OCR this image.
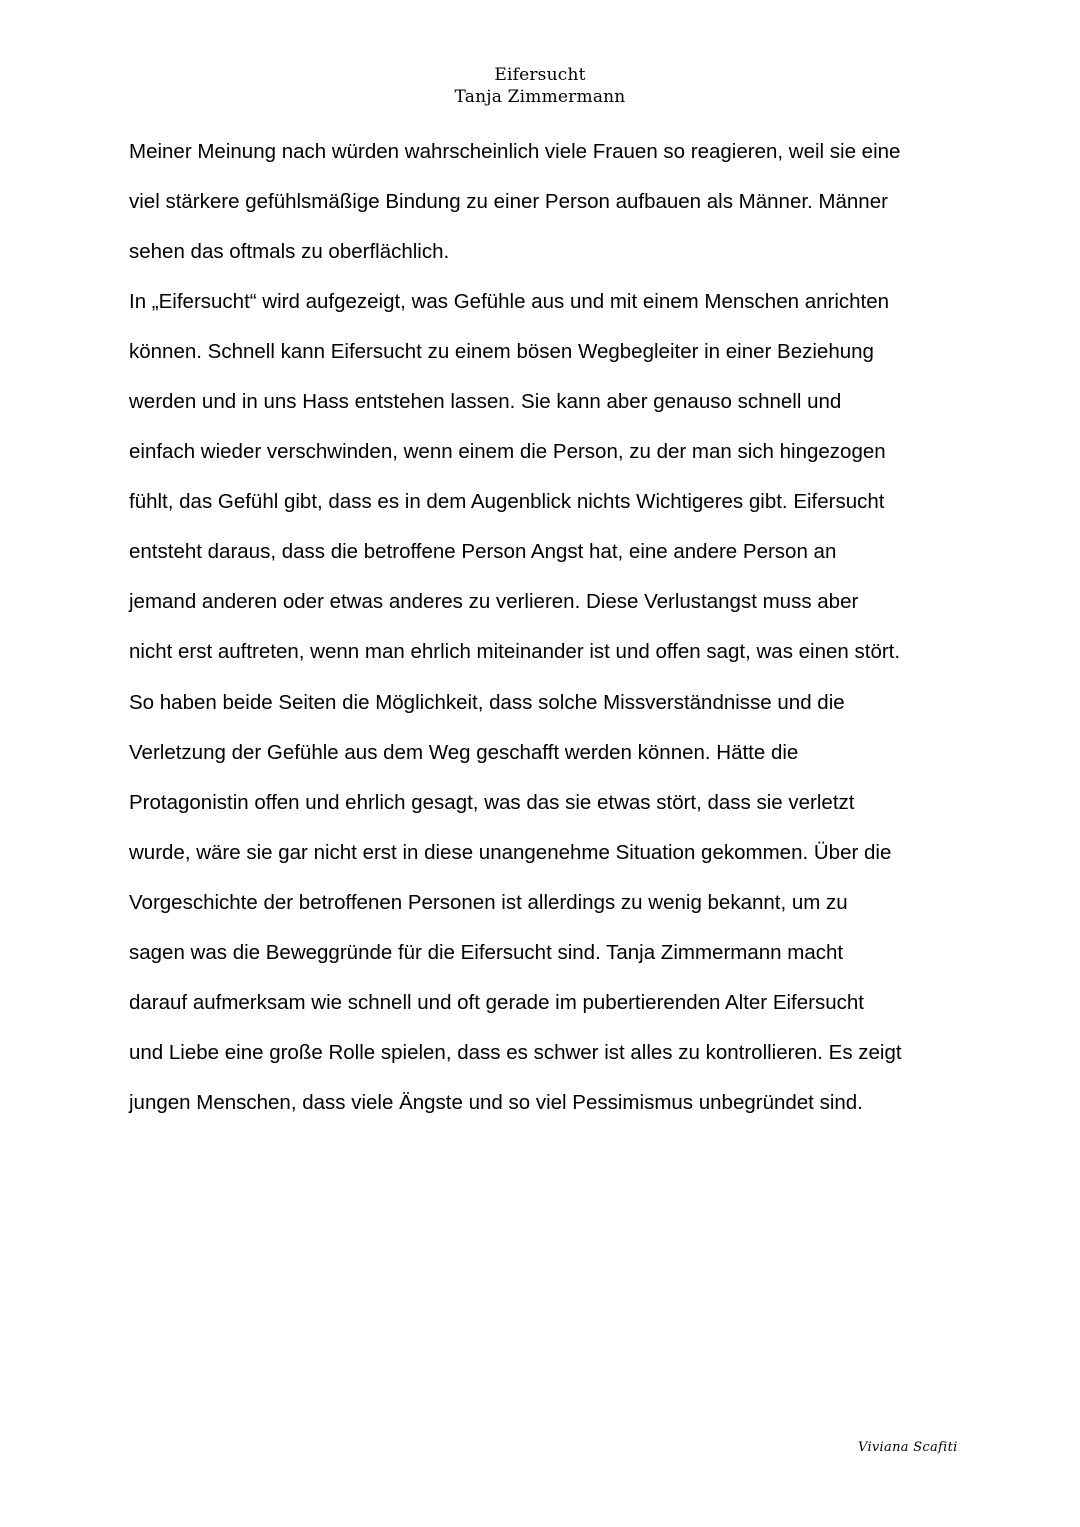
Eifersucht
Tanja Zimmermann
Meiner Meinung nach würden wahrscheinlich viele Frauen so reagieren, weil sie eine
viel stärkere gefühlsmäßige Bindung zu einer Person aufbauen als Männer. Männer
sehen das oftmals zu oberflächlich.
In „Eifersucht“ wird aufgezeigt, was Gefühle aus und mit einem Menschen anrichten
können. Schnell kann Eifersucht zu einem bösen Wegbegleiter in einer Beziehung
werden und in uns Hass entstehen lassen. Sie kann aber genauso schnell und
einfach wieder verschwinden, wenn einem die Person, zu der man sich hingezogen
fühlt, das Gefühl gibt, dass es in dem Augenblick nichts Wichtigeres gibt. Eifersucht
entsteht daraus, dass die betroffene Person Angst hat, eine andere Person an
jemand anderen oder etwas anderes zu verlieren. Diese Verlustangst muss aber
nicht erst auftreten, wenn man ehrlich miteinander ist und offen sagt, was einen stört.
So haben beide Seiten die Möglichkeit, dass solche Missverständnisse und die
Verletzung der Gefühle aus dem Weg geschafft werden können. Hätte die
Protagonistin offen und ehrlich gesagt, was das sie etwas stört, dass sie verletzt
wurde, wäre sie gar nicht erst in diese unangenehme Situation gekommen. Über die
Vorgeschichte der betroffenen Personen ist allerdings zu wenig bekannt, um zu
sagen was die Beweggründe für die Eifersucht sind. Tanja Zimmermann macht
darauf aufmerksam wie schnell und oft gerade im pubertierenden Alter Eifersucht
und Liebe eine große Rolle spielen, dass es schwer ist alles zu kontrollieren. Es zeigt
jungen Menschen, dass viele Ängste und so viel Pessimismus unbegründet sind.
Viviana Scafiti
